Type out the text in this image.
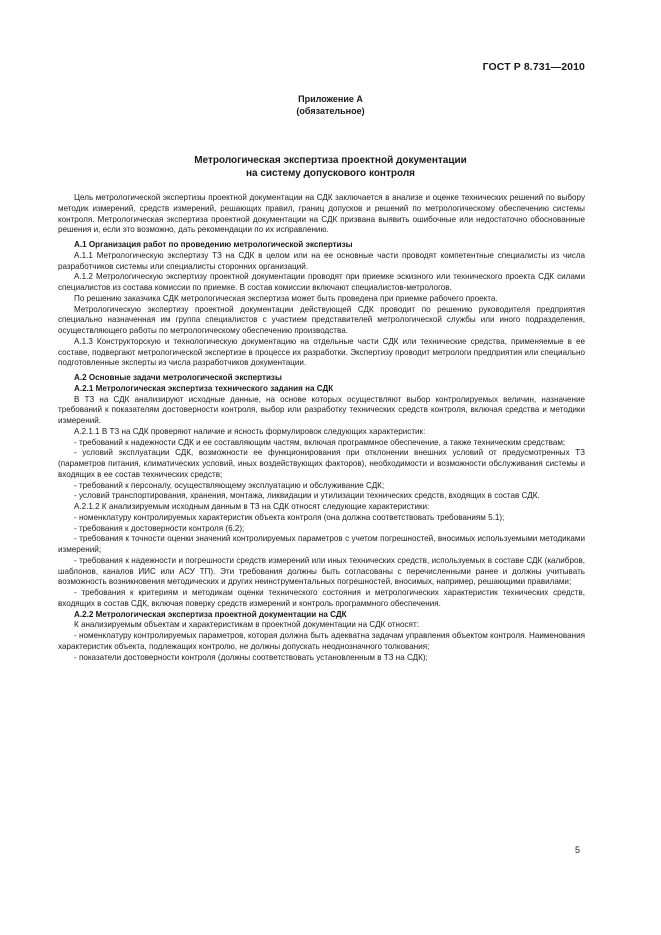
ГОСТ Р 8.731—2010
Приложение А
(обязательное)
Метрологическая экспертиза проектной документации
на систему допускового контроля

Цель метрологической экспертизы проектной документации на СДК заключается в анализе и оценке технических решений по выбору методик измерений, средств измерений, решающих правил, границ допусков и решений по метрологическому обеспечению системы контроля. Метрологическая экспертиза проектной документации на СДК призвана выявить ошибочные или недостаточно обоснованные решения и, если это возможно, дать рекомендации по их исправлению.

А.1 Организация работ по проведению метрологической экспертизы

А.1.1 Метрологическую экспертизу ТЗ на СДК в целом или на ее основные части проводят компетентные специалисты из числа разработчиков системы или специалисты сторонних организаций.

А.1.2 Метрологическую экспертизу проектной документации проводят при приемке эскизного или технического проекта СДК силами специалистов из состава комиссии по приемке. В состав комиссии включают специалистов-метрологов.

По решению заказчика СДК метрологическая экспертиза может быть проведена при приемке рабочего проекта.

Метрологическую экспертизу проектной документации действующей СДК проводит по решению руководителя предприятия специально назначенная им группа специалистов с участием представителей метрологической службы или иного подразделения, осуществляющего работы по метрологическому обеспечению производства.

А.1.3 Конструкторскую и технологическую документацию на отдельные части СДК или технические средства, применяемые в ее составе, подвергают метрологической экспертизе в процессе их разработки. Экспертизу проводит метрологи предприятия или специально подготовленные эксперты из числа разработчиков документации.

А.2 Основные задачи метрологической экспертизы

А.2.1 Метрологическая экспертиза технического задания на СДК

В ТЗ на СДК анализируют исходные данные, на основе которых осуществляют выбор контролируемых величин, назначение требований к показателям достоверности контроля, выбор или разработку технических средств контроля, включая средства и методики измерений.

А.2.1.1 В ТЗ на СДК проверяют наличие и ясность формулировок следующих характеристик:

- требований к надежности СДК и ее составляющим частям, включая программное обеспечение, а также техническим средствам;

- условий эксплуатации СДК, возможности ее функционирования при отклонении внешних условий от предусмотренных ТЗ (параметров питания, климатических условий, иных воздействующих факторов), необходимости и возможности обслуживания системы и входящих в ее состав технических средств;

- требований к персоналу, осуществляющему эксплуатацию и обслуживание СДК;

- условий транспортирования, хранения, монтажа, ликвидации и утилизации технических средств, входящих в состав СДК.

А.2.1.2 К анализируемым исходным данным в ТЗ на СДК относят следующие характеристики:

- номенклатуру контролируемых характеристик объекта контроля (она должна соответствовать требованиям 5.1);

- требования к достоверности контроля (6.2);

- требования к точности оценки значений контролируемых параметров с учетом погрешностей, вносимых используемыми методиками измерений;

- требования к надежности и погрешности средств измерений или иных технических средств, используемых в составе СДК (калибров, шаблонов, каналов ИИС или АСУ ТП). Эти требования должны быть согласованы с перечисленными ранее и должны учитывать возможность возникновения методических и других неинструментальных погрешностей, вносимых, например, решающими правилами;

- требования к критериям и методикам оценки технического состояния и метрологических характеристик технических средств, входящих в состав СДК, включая поверку средств измерений и контроль программного обеспечения.

А.2.2 Метрологическая экспертиза проектной документации на СДК

К анализируемым объектам и характеристикам в проектной документации на СДК относят:

- номенклатуру контролируемых параметров, которая должна быть адекватна задачам управления объектом контроля. Наименования характеристик объекта, подлежащих контролю, не должны допускать неоднозначного толкования;

- показатели достоверности контроля (должны соответствовать установленным в ТЗ на СДК);

5
